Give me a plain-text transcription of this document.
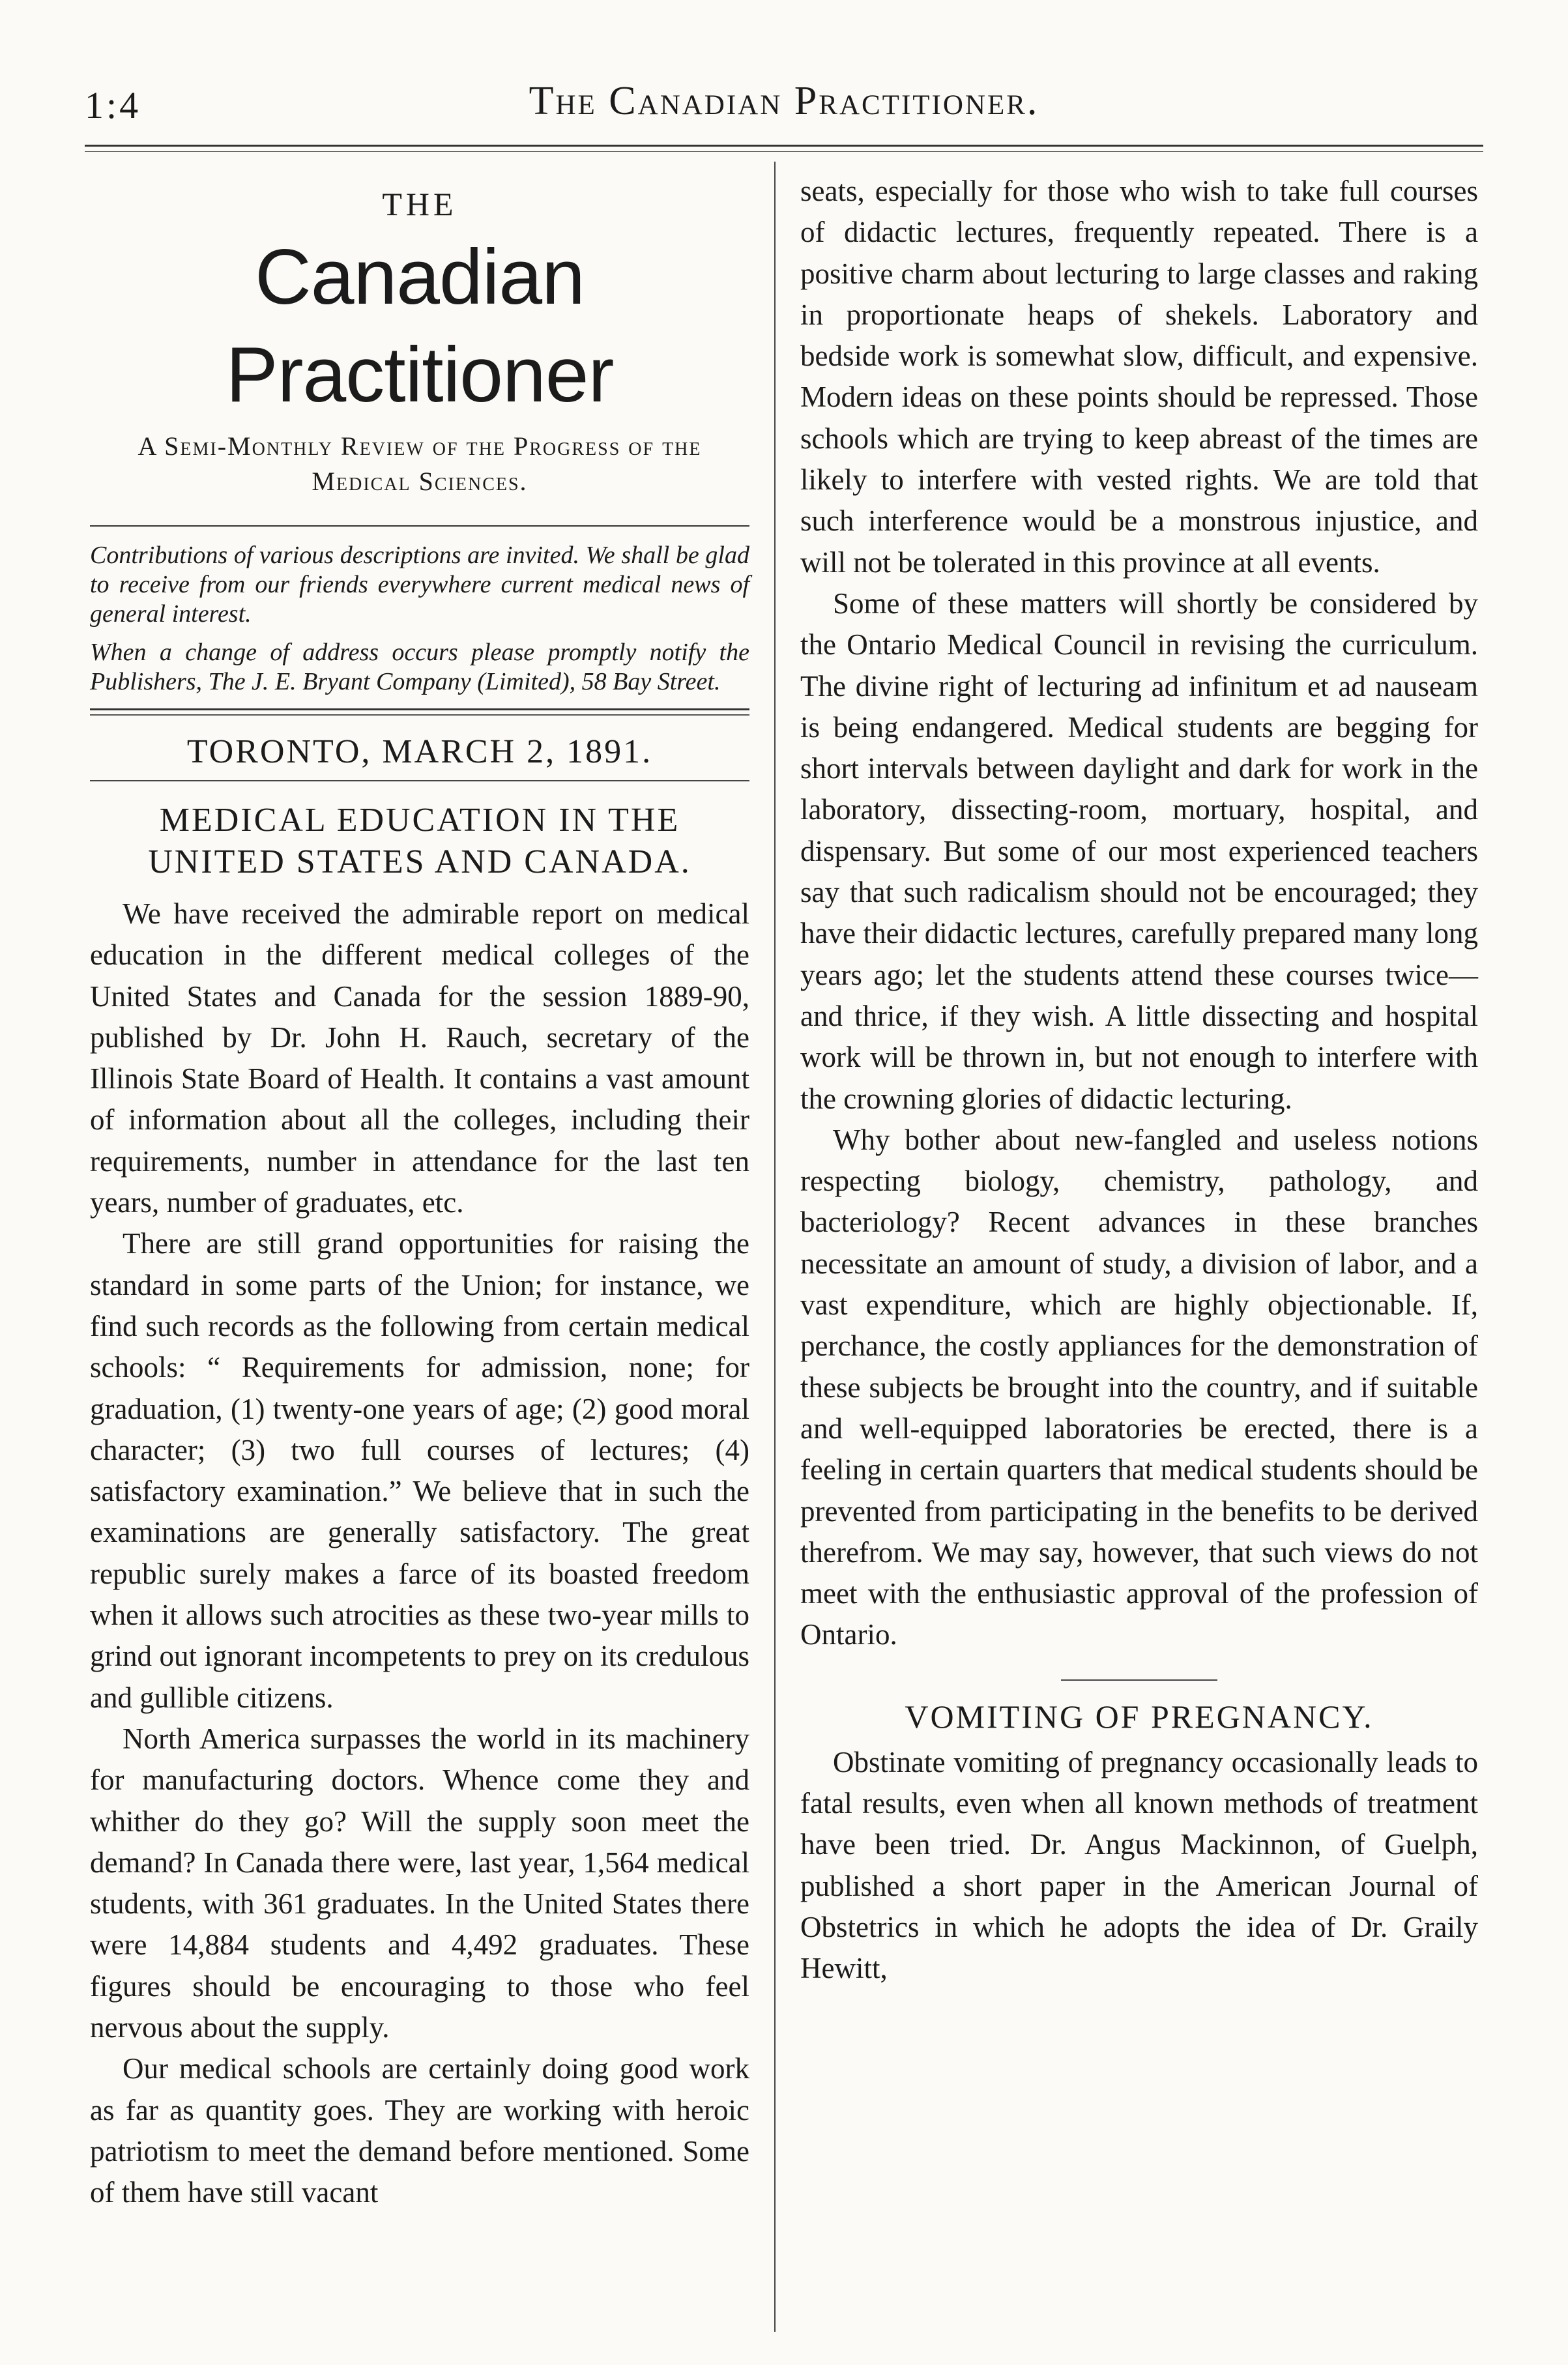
1:4	The Canadian Practitioner.
THE
Canadian Practitioner
A Semi-Monthly Review of the Progress of the Medical Sciences.
Contributions of various descriptions are invited. We shall be glad to receive from our friends everywhere current medical news of general interest.
When a change of address occurs please promptly notify the Publishers, The J. E. Bryant Company (Limited), 58 Bay Street.
TORONTO, MARCH 2, 1891.
MEDICAL EDUCATION IN THE UNITED STATES AND CANADA.

We have received the admirable report on medical education in the different medical colleges of the United States and Canada for the session 1889-90, published by Dr. John H. Rauch, secretary of the Illinois State Board of Health. It contains a vast amount of information about all the colleges, including their requirements, number in attendance for the last ten years, number of graduates, etc.

There are still grand opportunities for raising the standard in some parts of the Union; for instance, we find such records as the following from certain medical schools: “ Requirements for admission, none; for graduation, (1) twenty-one years of age; (2) good moral character; (3) two full courses of lectures; (4) satisfactory examination.” We believe that in such the examinations are generally satisfactory. The great republic surely makes a farce of its boasted freedom when it allows such atrocities as these two-year mills to grind out ignorant incompetents to prey on its credulous and gullible citizens.

North America surpasses the world in its machinery for manufacturing doctors. Whence come they and whither do they go? Will the supply soon meet the demand? In Canada there were, last year, 1,564 medical students, with 361 graduates. In the United States there were 14,884 students and 4,492 graduates. These figures should be encouraging to those who feel nervous about the supply.

Our medical schools are certainly doing good work as far as quantity goes. They are working with heroic patriotism to meet the demand before mentioned. Some of them have still vacant

seats, especially for those who wish to take full courses of didactic lectures, frequently repeated. There is a positive charm about lecturing to large classes and raking in proportionate heaps of shekels. Laboratory and bedside work is somewhat slow, difficult, and expensive. Modern ideas on these points should be repressed. Those schools which are trying to keep abreast of the times are likely to interfere with vested rights. We are told that such interference would be a monstrous injustice, and will not be tolerated in this province at all events.

Some of these matters will shortly be considered by the Ontario Medical Council in revising the curriculum. The divine right of lecturing ad infinitum et ad nauseam is being endangered. Medical students are begging for short intervals between daylight and dark for work in the laboratory, dissecting-room, mortuary, hospital, and dispensary. But some of our most experienced teachers say that such radicalism should not be encouraged; they have their didactic lectures, carefully prepared many long years ago; let the students attend these courses twice—and thrice, if they wish. A little dissecting and hospital work will be thrown in, but not enough to interfere with the crowning glories of didactic lecturing.

Why bother about new-fangled and useless notions respecting biology, chemistry, pathology, and bacteriology? Recent advances in these branches necessitate an amount of study, a division of labor, and a vast expenditure, which are highly objectionable. If, perchance, the costly appliances for the demonstration of these subjects be brought into the country, and if suitable and well-equipped laboratories be erected, there is a feeling in certain quarters that medical students should be prevented from participating in the benefits to be derived therefrom. We may say, however, that such views do not meet with the enthusiastic approval of the profession of Ontario.

VOMITING OF PREGNANCY.

Obstinate vomiting of pregnancy occasionally leads to fatal results, even when all known methods of treatment have been tried. Dr. Angus Mackinnon, of Guelph, published a short paper in the American Journal of Obstetrics in which he adopts the idea of Dr. Graily Hewitt,
